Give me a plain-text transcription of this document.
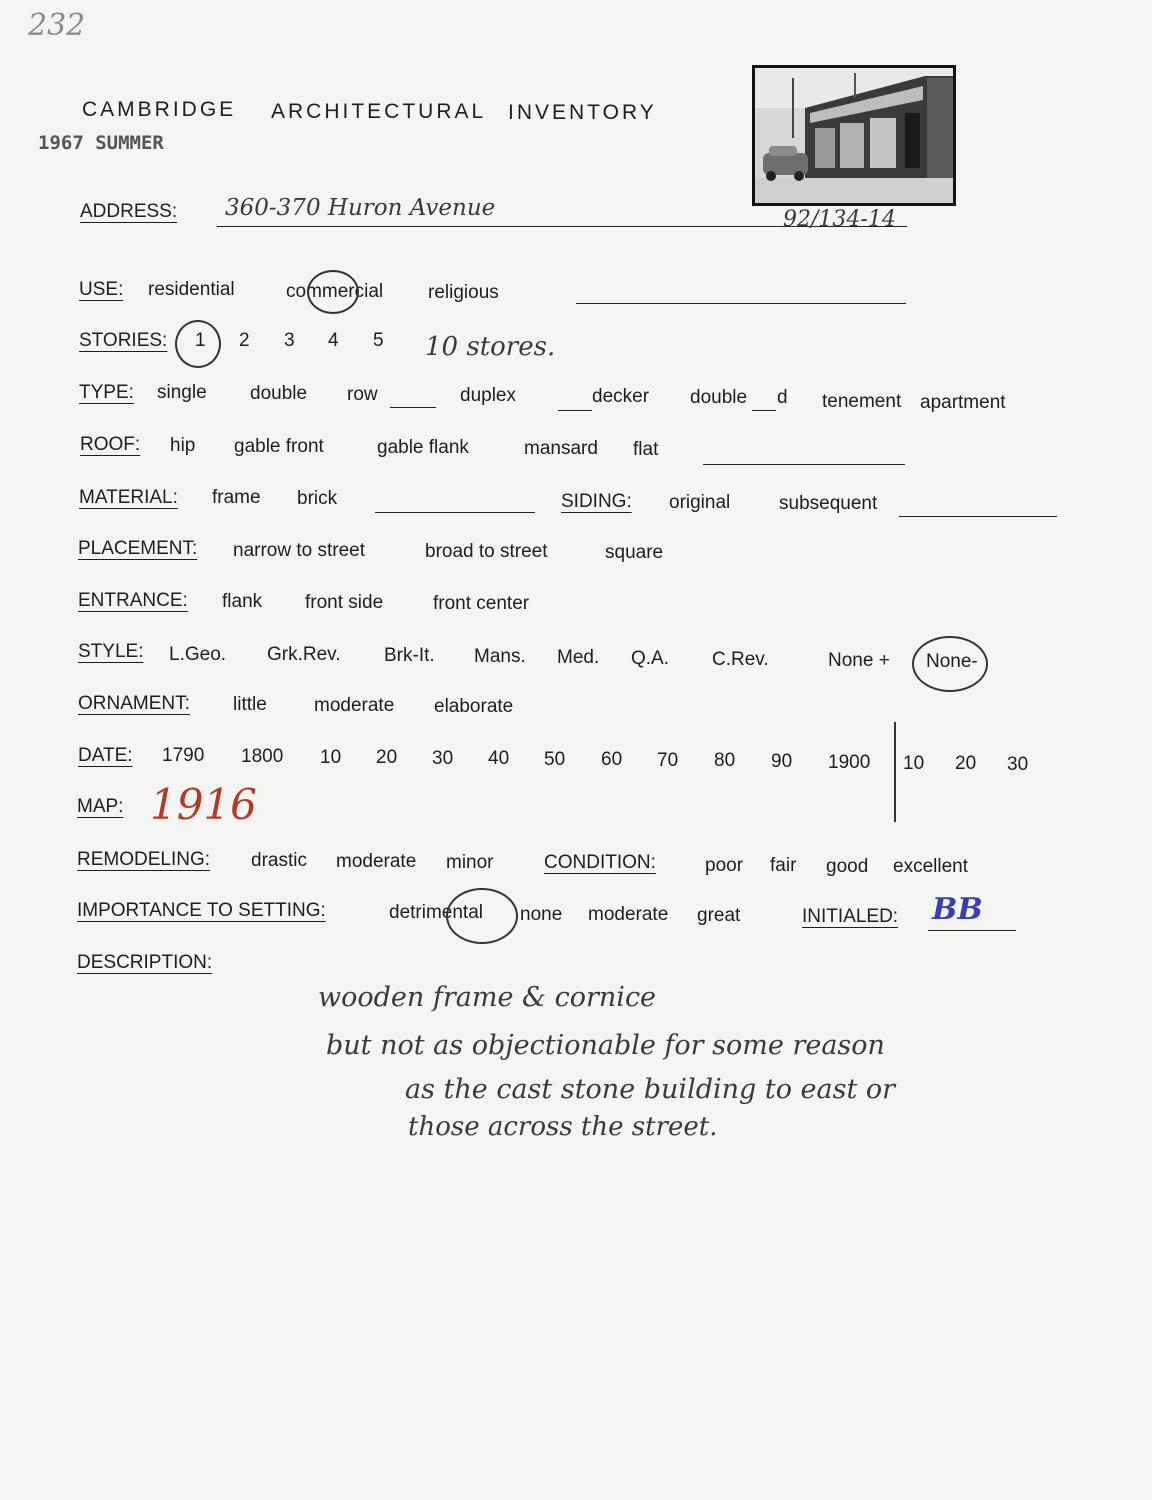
232
CAMBRIDGE ARCHITECTURAL INVENTORY
1967 SUMMER
ADDRESS: 360-370 Huron Avenue	92/134-14
USE: residential	commercial religious
STORIES: 1 2 3 4 5 10 stores.
TYPE: single double row	duplex	decker double d tenement apartment
ROOF: hip gable front	gable flank	mansard flat
MATERIAL: frame brick	SIDING: original	subsequent
PLACEMENT: narrow to street	broad to street	square
ENTRANCE: flank front side	front center
STYLE: L.Geo. Grk.Rev. Brk-It. Mans. Med. Q.A. C.Rev.	None + None-
ORNAMENT: little moderate elaborate
DATE: 1790 1800 10 20 30 40 50 60 70 80 90 1900 10 20 30
MAP: 1916
REMODELING: drastic moderate minor	CONDITION:	poor fair good excellent
IMPORTANCE TO SETTING:	detrimental none moderate great	INITIALED: BB
DESCRIPTION:
wooden frame & cornice
but not as objectionable for some reason
as the cast stone building to east or
those across the street.
